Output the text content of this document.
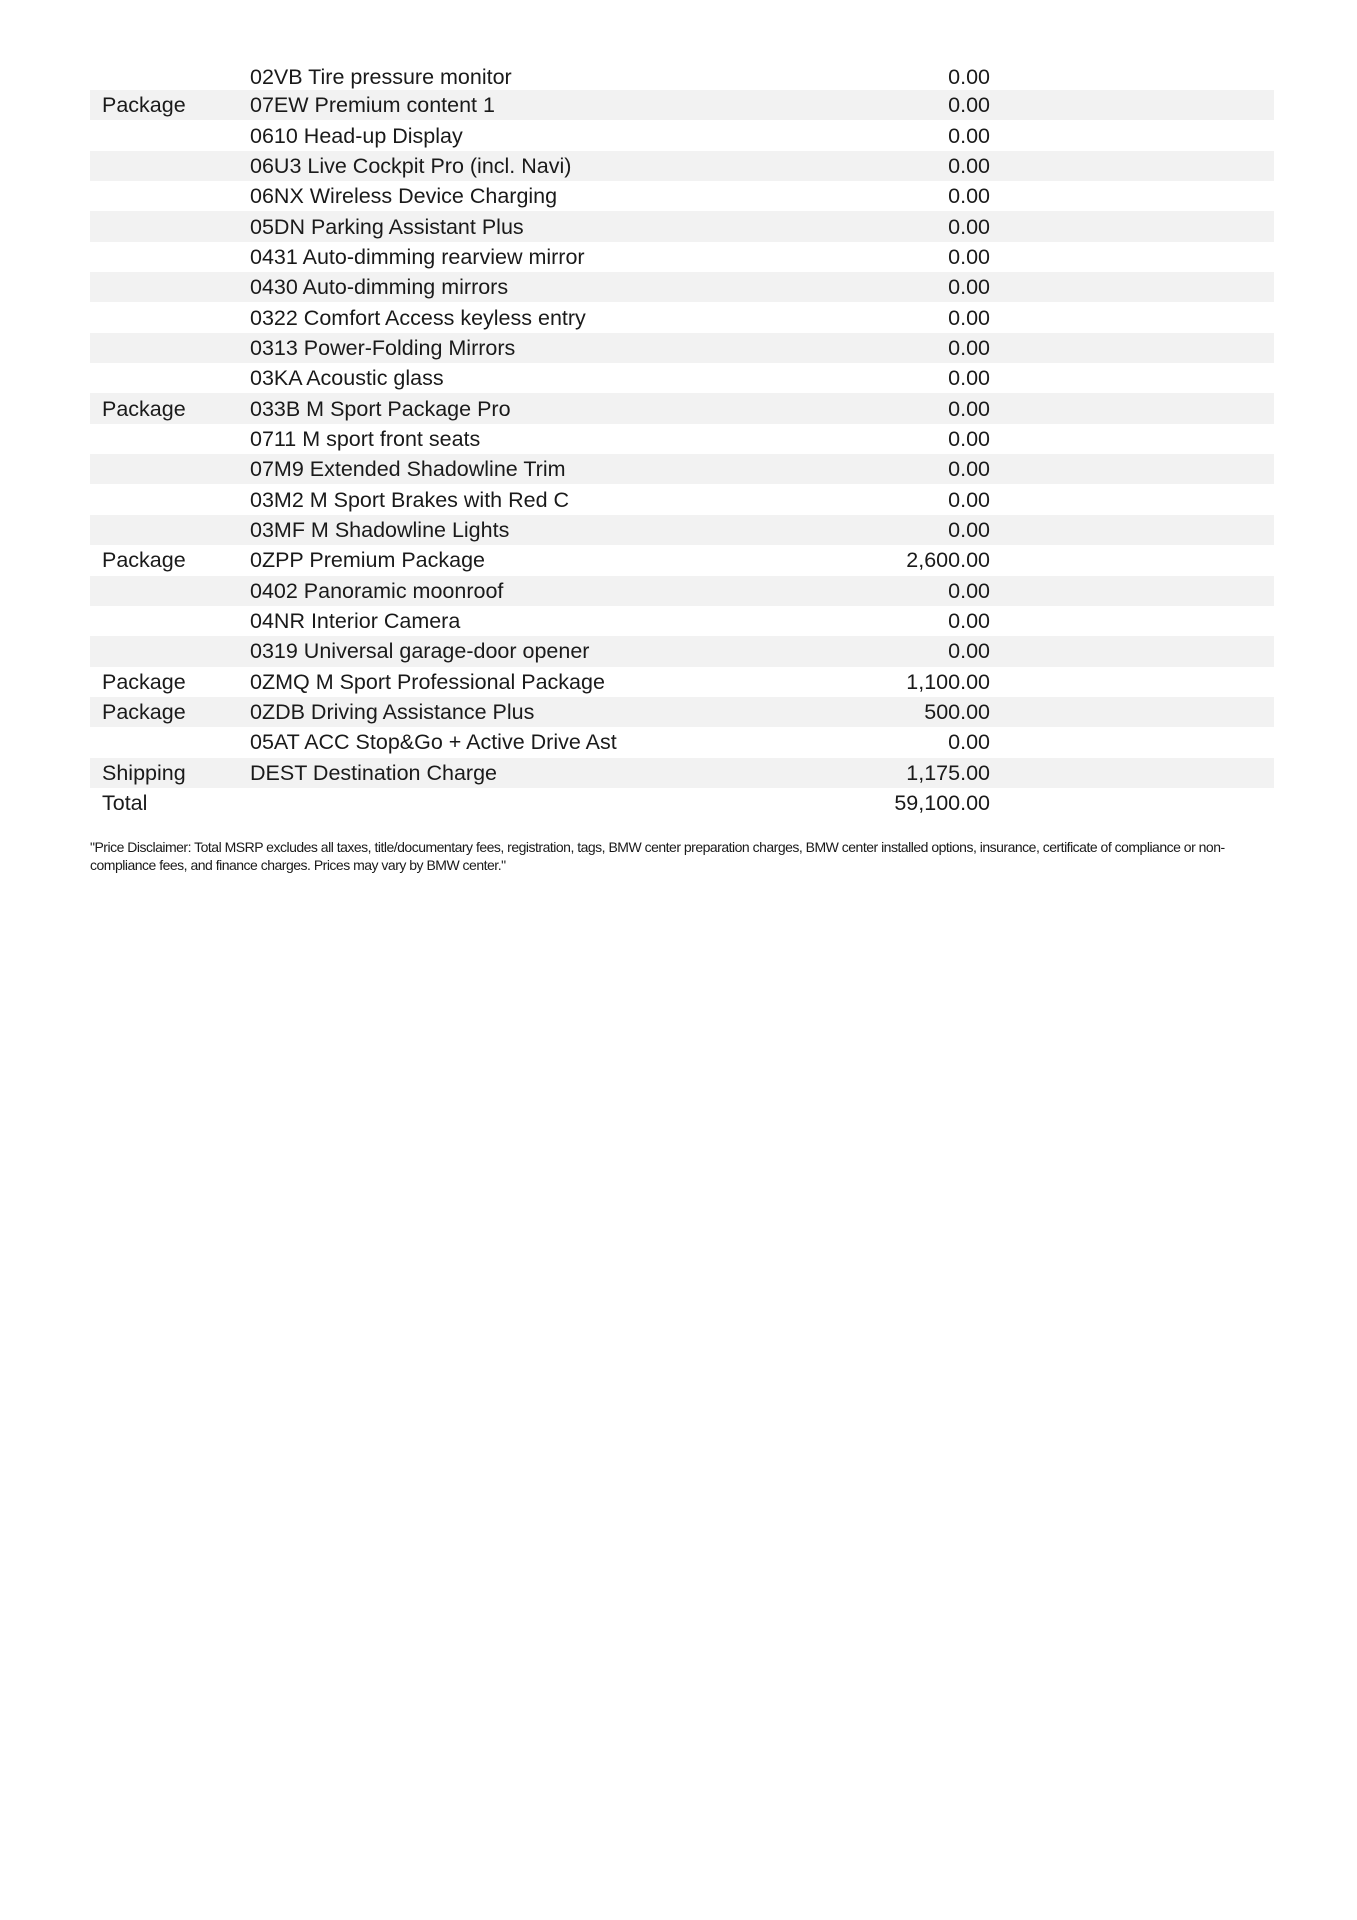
	02VB Tire pressure monitor	0.00	
Package	07EW Premium content 1	0.00	
	0610 Head-up Display	0.00	
	06U3 Live Cockpit Pro (incl. Navi)	0.00	
	06NX Wireless Device Charging	0.00	
	05DN Parking Assistant Plus	0.00	
	0431 Auto-dimming rearview mirror	0.00	
	0430 Auto-dimming mirrors	0.00	
	0322 Comfort Access keyless entry	0.00	
	0313 Power-Folding Mirrors	0.00	
	03KA Acoustic glass	0.00	
Package	033B M Sport Package Pro	0.00	
	0711 M sport front seats	0.00	
	07M9 Extended Shadowline Trim	0.00	
	03M2 M Sport Brakes with Red C	0.00	
	03MF M Shadowline Lights	0.00	
Package	0ZPP Premium Package	2,600.00	
	0402 Panoramic moonroof	0.00	
	04NR Interior Camera	0.00	
	0319 Universal garage-door opener	0.00	
Package	0ZMQ M Sport Professional Package	1,100.00	
Package	0ZDB Driving Assistance Plus	500.00	
	05AT ACC Stop&Go + Active Drive Ast	0.00	
Shipping	DEST Destination Charge	1,175.00	
Total		59,100.00	
"Price Disclaimer: Total MSRP excludes all taxes, title/documentary fees, registration, tags, BMW center preparation charges, BMW center installed options, insurance, certificate of compliance or non-compliance fees, and finance charges. Prices may vary by BMW center."
